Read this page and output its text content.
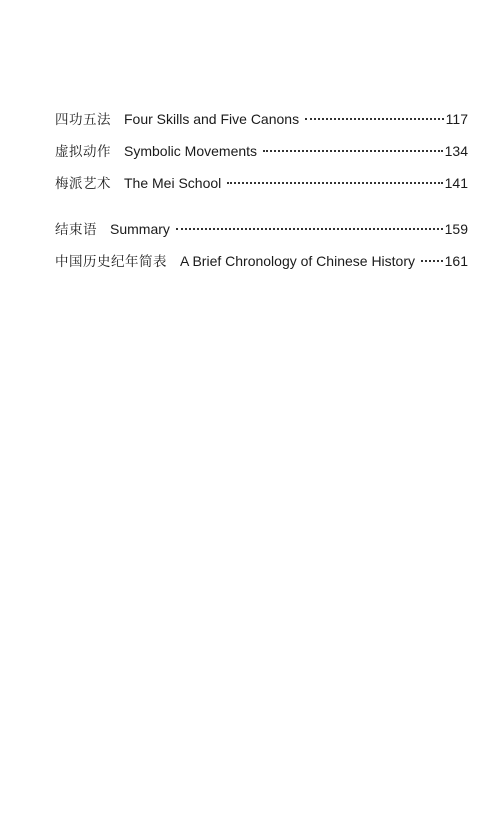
四功五法 Four Skills and Five Canons	117
虚拟动作 Symbolic Movements	134
梅派艺术 The Mei School	141
结束语 Summary	159
中国历史纪年简表 A Brief Chronology of Chinese History 161
